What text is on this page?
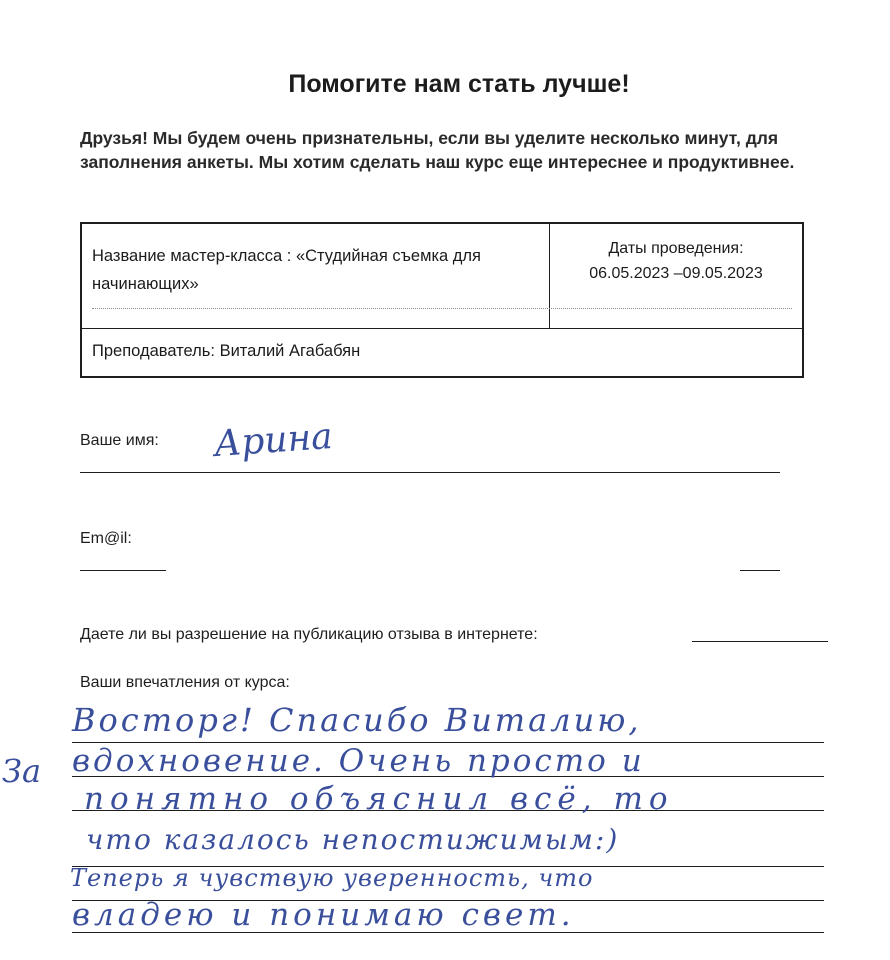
Помогите нам стать лучше!
Друзья! Мы будем очень признательны, если вы уделите несколько минут, для заполнения анкеты. Мы хотим сделать наш курс еще интереснее и продуктивнее.
Название мастер-класса : «Студийная съемка для начинающих»
Даты проведения:
06.05.2023 –09.05.2023
Преподаватель: Виталий Агабабян
Ваше имя: Арина
Em@il:
Даете ли вы разрешение на публикацию отзыва в интернете:
Ваши впечатления от курса:
За
Восторг! Спасибо Виталию,
вдохновение. Очень просто и
понятно объяснил всё, то
что казалось непостижимым:)
Теперь я чувствую уверенность, что
владею и понимаю свет.
